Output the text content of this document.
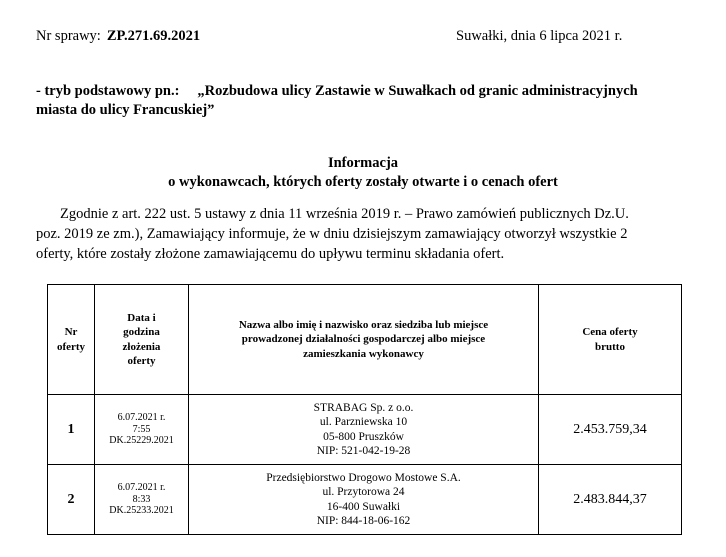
Nr sprawy: ZP.271.69.2021	Suwałki, dnia 6 lipca 2021 r.
- tryb podstawowy pn.: „Rozbudowa ulicy Zastawie w Suwałkach od granic administracyjnych
miasta do ulicy Francuskiej”
Informacja
o wykonawcach, których oferty zostały otwarte i o cenach ofert
Zgodnie z art. 222 ust. 5 ustawy z dnia 11 września 2019 r. – Prawo zamówień publicznych Dz.U.
poz. 2019 ze zm.), Zamawiający informuje, że w dniu dzisiejszym zamawiający otworzył wszystkie 2
oferty, które zostały złożone zamawiającemu do upływu terminu składania ofert.
Nr
oferty	Data i
godzina
złożenia
oferty	Nazwa albo imię i nazwisko oraz siedziba lub miejsce
prowadzonej działalności gospodarczej albo miejsce
zamieszkania wykonawcy	Cena oferty
brutto

1	6.07.2021 r.
7:55
DK.25229.2021	STRABAG Sp. z o.o.
ul. Parzniewska 10
05-800 Pruszków
NIP: 521-042-19-28	2.453.759,34
2	6.07.2021 r.
8:33
DK.25233.2021	Przedsiębiorstwo Drogowo Mostowe S.A.
ul. Przytorowa 24
16-400 Suwałki
NIP: 844-18-06-162	2.483.844,37
